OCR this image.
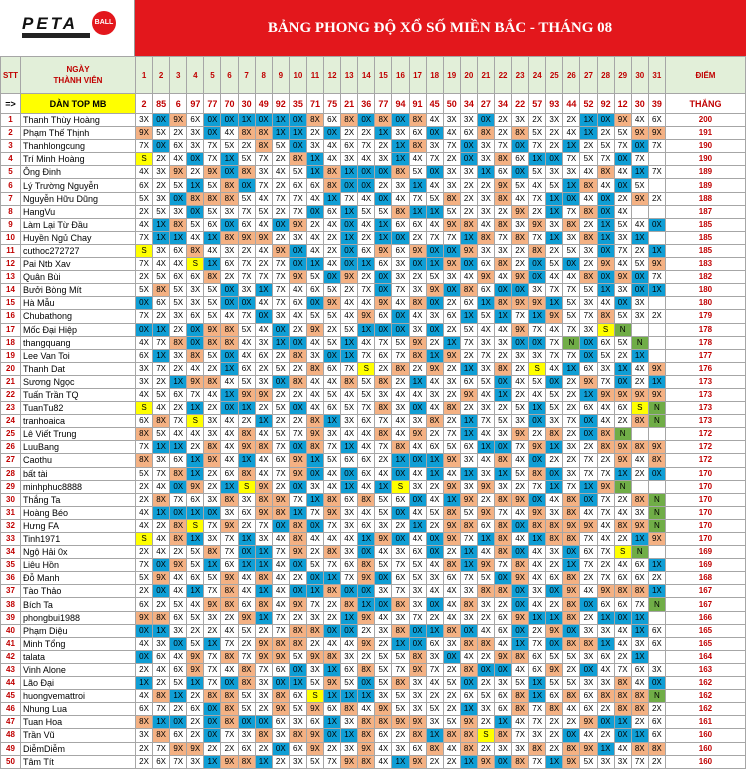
PETA	BALL	BẢNG PHONG ĐỘ XỔ SỐ MIỀN BẮC - THÁNG 08
STT	NGÀY
THÀNH VIÊN	1	2	3	4	5	6	7	8	9	10	11	12	13	14	15	16	17	18	19	20	21	22	23	24	25	26	27	28	29	30	31	ĐIỂM
=>	DÀN TOP MB	2	85	6	97	77	70	30	49	92	35	71	75	21	36	77	94	91	45	50	34	27	34	22	57	93	44	52	92	12	30	39	THẮNG
1	Thanh Thùy Hoàng	3X	0X	9X	6X	0X	0X	1X	0X	1X	0X	8X	6X	8X	0X	8X	0X	8X	4X	3X	3X	0X	2X	3X	2X	3X	2X	1X	0X	9X	4X	6X	200
2	Phạm Thế Thịnh	9X	5X	2X	3X	0X	4X	8X	8X	1X	1X	2X	0X	2X	2X	1X	3X	6X	0X	4X	6X	8X	2X	8X	5X	2X	4X	1X	2X	5X	9X	9X	191
3	Thanhlongcung	7X	0X	6X	3X	7X	5X	2X	8X	5X	0X	3X	4X	6X	7X	2X	1X	8X	3X	7X	0X	3X	7X	0X	7X	2X	1X	2X	5X	7X	0X	7X	190
4	Trí Minh Hoàng	S	2X	4X	0X	7X	1X	5X	7X	2X	8X	1X	4X	3X	4X	3X	1X	4X	7X	2X	0X	3X	8X	6X	1X	0X	7X	5X	7X	0X	7X		190
5	Ông Đinh	4X	3X	9X	2X	9X	0X	8X	3X	4X	5X	1X	8X	1X	0X	0X	8X	5X	0X	3X	3X	1X	6X	0X	5X	3X	3X	4X	8X	4X	1X	7X	189
6	Lý Trường Nguyễn	6X	2X	5X	1X	5X	8X	0X	7X	2X	6X	6X	8X	0X	0X	2X	3X	1X	4X	3X	2X	2X	9X	5X	4X	5X	1X	8X	4X	0X	5X		189
7	Nguyễn Hữu Dũng	5X	3X	0X	8X	8X	8X	5X	4X	7X	7X	4X	1X	7X	4X	0X	4X	7X	5X	8X	2X	3X	8X	4X	7X	1X	0X	4X	0X	2X	9X	2X	188
8	HangVu	2X	5X	3X	0X	5X	3X	7X	5X	2X	7X	0X	6X	1X	5X	5X	8X	1X	1X	5X	2X	3X	2X	9X	2X	1X	7X	8X	0X	4X			187
9	Làm Lại Từ Đầu	4X	1X	8X	5X	6X	0X	6X	4X	0X	9X	2X	4X	0X	4X	1X	6X	6X	4X	9X	8X	4X	8X	3X	9X	3X	8X	2X	1X	5X	4X	0X	185
10	Huyền Ngủ Chay	7X	1X	1X	4X	1X	8X	9X	9X	2X	3X	4X	2X	1X	2X	1X	0X	2X	7X	7X	1X	8X	7X	8X	7X	1X	3X	8X	1X	3X	1X		185
11	cuthoc272727	S	3X	6X	8X	4X	3X	2X	4X	9X	0X	4X	2X	0X	6X	9X	6X	9X	0X	0X	9X	3X	3X	2X	8X	2X	5X	3X	0X	7X	2X	1X	185
12	Pai Ntb Xav	7X	4X	4X	S	1X	6X	7X	2X	7X	0X	1X	4X	0X	1X	6X	3X	0X	1X	9X	0X	6X	8X	2X	0X	5X	0X	2X	9X	4X	5X	9X	183
13	Quân Bùi	2X	5X	6X	6X	8X	2X	7X	7X	7X	9X	5X	0X	9X	2X	0X	3X	2X	5X	3X	4X	9X	4X	9X	0X	4X	4X	8X	0X	9X	0X	7X	182
14	Bưởi Bòng Mít	5X	8X	5X	3X	5X	0X	3X	1X	7X	4X	6X	5X	2X	7X	0X	7X	3X	9X	0X	8X	6X	0X	0X	3X	7X	7X	5X	1X	3X	0X	1X	180
15	Hà Mẫu	0X	6X	5X	3X	5X	0X	0X	4X	7X	6X	0X	9X	4X	4X	9X	4X	8X	0X	2X	6X	1X	8X	9X	9X	1X	5X	3X	4X	0X	3X		180
16	Chubathong	7X	2X	3X	6X	5X	4X	7X	0X	3X	4X	5X	5X	4X	9X	6X	0X	4X	3X	6X	1X	5X	1X	7X	1X	9X	5X	7X	8X	5X	3X	2X	179
17	Mốc Đại Hiệp	0X	1X	2X	0X	9X	8X	5X	4X	0X	2X	9X	2X	5X	1X	0X	0X	3X	0X	2X	5X	4X	4X	9X	7X	4X	7X	3X	S	N			178
18	thangquang	4X	7X	8X	0X	8X	8X	4X	3X	1X	0X	4X	5X	1X	4X	7X	5X	9X	2X	1X	7X	3X	3X	0X	0X	7X	N	0X	6X	5X	N		178
19	Lee Van Toi	6X	1X	3X	8X	5X	0X	4X	6X	2X	8X	3X	0X	1X	7X	6X	7X	8X	1X	9X	2X	7X	2X	3X	3X	7X	7X	0X	5X	2X	1X		177
20	Thanh Dat	3X	7X	2X	4X	2X	1X	6X	2X	5X	2X	8X	6X	7X	S	2X	8X	2X	9X	2X	1X	3X	8X	2X	S	4X	1X	6X	3X	1X	4X	9X	176
21	Sương Ngọc	3X	2X	1X	9X	8X	4X	5X	3X	0X	8X	4X	4X	8X	5X	8X	2X	1X	4X	3X	6X	5X	0X	4X	5X	0X	2X	9X	7X	0X	2X	1X	173
22	Tuấn Trần TQ	4X	5X	6X	7X	4X	1X	9X	9X	2X	2X	4X	5X	4X	5X	3X	4X	4X	3X	2X	9X	4X	1X	2X	4X	5X	2X	1X	9X	9X	9X	9X	173
23	TuanTu82	S	4X	2X	1X	2X	0X	1X	2X	5X	0X	4X	6X	5X	7X	8X	3X	0X	4X	8X	2X	3X	2X	5X	1X	5X	2X	6X	4X	6X	S	N	173
24	tranhoaica	6X	8X	7X	S	3X	4X	2X	1X	2X	2X	8X	1X	3X	6X	7X	4X	3X	8X	2X	1X	7X	5X	3X	0X	3X	7X	0X	4X	2X	8X	N	173
25	Lê Viết Trung	8X	5X	4X	4X	3X	4X	8X	4X	5X	7X	9X	3X	4X	4X	8X	4X	9X	2X	7X	1X	4X	3X	9X	2X	8X	2X	0X	8X	N			172
26	LuuBang	7X	1X	1X	2X	8X	4X	9X	8X	7X	0X	8X	7X	1X	4X	7X	8X	4X	6X	5X	6X	1X	0X	7X	9X	1X	3X	2X	8X	9X	8X	9X	172
27	Caothu	8X	3X	6X	1X	9X	4X	1X	4X	6X	9X	1X	5X	6X	6X	2X	1X	0X	1X	9X	3X	4X	8X	4X	0X	2X	2X	7X	2X	9X	4X	8X	172
28	bất tài	5X	7X	8X	1X	2X	6X	8X	4X	7X	9X	0X	4X	0X	6X	4X	0X	4X	1X	4X	1X	3X	1X	5X	8X	0X	3X	7X	7X	1X	2X	0X	170
29	minhphuc8888	2X	4X	0X	9X	2X	1X	S	9X	2X	0X	3X	4X	1X	4X	1X	S	3X	2X	9X	3X	9X	3X	2X	7X	1X	7X	1X	9X	N			170
30	Thắng Ta	2X	8X	7X	6X	3X	8X	3X	8X	9X	7X	1X	8X	6X	8X	5X	6X	0X	4X	1X	9X	2X	8X	9X	0X	4X	8X	0X	7X	2X	8X	N	170
31	Hoàng Béo	4X	1X	0X	1X	0X	3X	6X	9X	8X	1X	7X	9X	3X	4X	5X	0X	4X	5X	8X	5X	9X	7X	4X	9X	3X	8X	4X	7X	4X	3X	N	170
32	Hưng FA	4X	2X	8X	S	7X	9X	2X	7X	0X	8X	0X	7X	3X	6X	3X	2X	1X	2X	9X	8X	6X	8X	0X	8X	8X	9X	9X	4X	8X	9X	N	170
33	Tinh1971	S	4X	8X	1X	3X	7X	1X	3X	4X	8X	4X	4X	4X	1X	9X	0X	4X	0X	9X	7X	1X	8X	4X	1X	8X	8X	7X	4X	2X	1X	9X	170
34	Ngộ Hải 0x	2X	4X	2X	5X	8X	7X	0X	1X	7X	9X	2X	8X	3X	0X	4X	3X	6X	0X	2X	1X	4X	8X	0X	4X	3X	0X	6X	7X	S	N		169
35	Liêu Hồn	7X	0X	9X	5X	1X	6X	1X	1X	4X	0X	5X	7X	6X	8X	5X	7X	5X	4X	8X	1X	9X	7X	8X	4X	2X	1X	7X	2X	4X	6X	1X	169
36	Đỗ Manh	5X	9X	4X	6X	5X	9X	4X	8X	4X	2X	0X	1X	7X	9X	0X	6X	5X	3X	6X	7X	5X	0X	9X	4X	6X	8X	2X	7X	6X	6X	2X	168
37	Tào Thảo	2X	0X	4X	1X	7X	8X	4X	1X	4X	0X	1X	8X	0X	0X	3X	7X	3X	4X	4X	3X	8X	8X	0X	3X	0X	9X	4X	9X	8X	8X	1X	167
38	Bích Ta	6X	2X	5X	4X	9X	8X	6X	8X	4X	9X	7X	2X	8X	1X	0X	8X	3X	0X	4X	8X	3X	2X	0X	4X	2X	8X	0X	6X	6X	7X	N	167
39	phongbui1988	9X	8X	6X	5X	3X	2X	9X	1X	7X	2X	3X	2X	1X	9X	4X	3X	7X	2X	4X	3X	2X	6X	9X	1X	1X	8X	2X	1X	0X	1X		166
40	Phạm Diệu	0X	1X	3X	2X	2X	4X	5X	2X	7X	8X	8X	0X	0X	2X	3X	8X	0X	1X	8X	0X	4X	6X	0X	2X	9X	0X	3X	3X	4X	1X	6X	165
41	Minh Tổng	4X	3X	0X	5X	1X	7X	2X	9X	8X	8X	2X	4X	4X	9X	2X	1X	0X	6X	3X	8X	8X	4X	1X	7X	0X	8X	8X	1X	4X	3X	6X	165
42	talata	0X	6X	4X	9X	7X	8X	7X	9X	9X	5X	9X	8X	3X	2X	5X	5X	8X	3X	0X	4X	2X	9X	8X	6X	5X	5X	3X	6X	2X	1X		164
43	Vinh Alone	2X	4X	6X	9X	7X	4X	8X	7X	6X	0X	3X	1X	6X	8X	5X	7X	9X	7X	2X	8X	0X	0X	4X	6X	9X	2X	0X	4X	7X	6X	3X	163
44	Lão Đại	1X	2X	5X	1X	7X	0X	8X	3X	0X	1X	5X	9X	5X	0X	5X	8X	3X	4X	5X	0X	2X	3X	5X	1X	5X	5X	3X	3X	8X	4X	0X	162
45	huongvemattroi	4X	8X	1X	2X	8X	8X	5X	3X	8X	6X	S	1X	1X	1X	3X	5X	3X	2X	2X	6X	5X	6X	8X	1X	6X	8X	6X	8X	8X	8X	N	162
46	Nhung Lua	6X	7X	2X	6X	0X	8X	5X	2X	9X	5X	9X	6X	8X	4X	9X	5X	3X	5X	2X	1X	3X	6X	8X	7X	8X	4X	6X	2X	8X	8X	2X	162
47	Tuan Hoa	8X	1X	0X	2X	0X	8X	0X	0X	6X	3X	6X	1X	3X	8X	8X	9X	9X	3X	5X	9X	2X	1X	4X	7X	2X	2X	9X	0X	1X	2X	6X	161
48	Trần Vũ	3X	8X	6X	2X	0X	7X	3X	8X	3X	8X	9X	0X	1X	8X	6X	2X	8X	1X	8X	8X	S	8X	7X	3X	2X	0X	4X	2X	0X	1X	6X	160
49	DiễmDiễm	2X	7X	9X	9X	2X	2X	6X	2X	0X	6X	9X	2X	3X	9X	4X	3X	6X	8X	4X	8X	2X	3X	3X	8X	2X	8X	9X	1X	4X	8X	8X	160
50	Tâm Tít	2X	6X	7X	3X	1X	9X	8X	1X	2X	3X	5X	7X	9X	8X	4X	1X	9X	2X	2X	1X	9X	0X	8X	7X	1X	9X	5X	3X	3X	7X	2X	160
